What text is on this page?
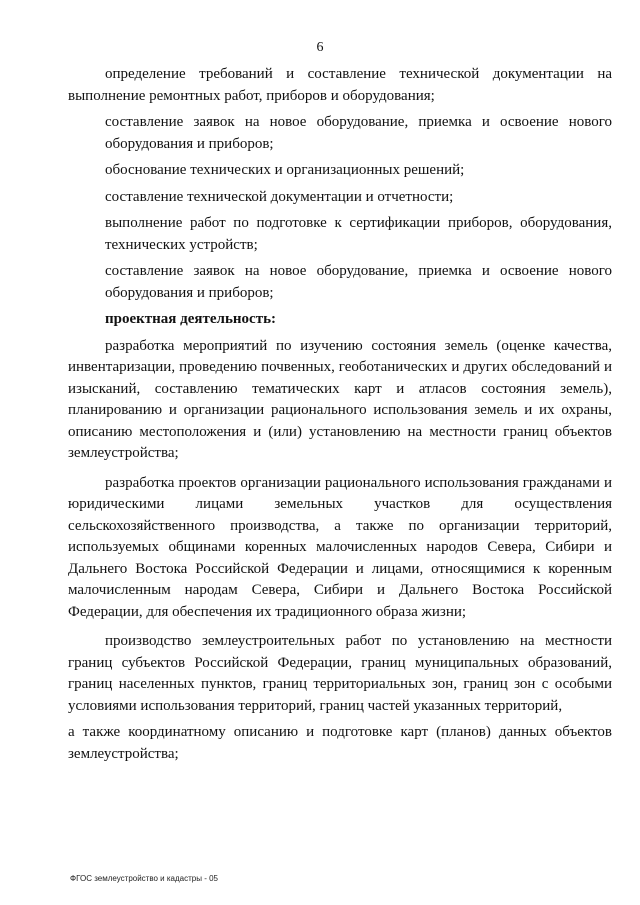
6

определение требований и составление технической документации на выполнение ремонтных работ, приборов и оборудования;

составление заявок на новое оборудование, приемка и освоение нового оборудования и приборов;

обоснование технических и организационных решений;

составление технической документации и отчетности;

выполнение работ по подготовке к сертификации приборов, оборудования, технических устройств;

составление заявок на новое оборудование, приемка и освоение нового оборудования и приборов;

проектная деятельность:

разработка мероприятий по изучению состояния земель (оценке качества, инвентаризации, проведению почвенных, геоботанических и других обследований и изысканий, составлению тематических карт и атласов состояния земель), планированию и организации рационального использования земель и их охраны, описанию местоположения и (или) установлению на местности границ объектов землеустройства;

разработка проектов организации рационального использования гражданами и юридическими лицами земельных участков для осуществления сельскохозяйственного производства, а также по организации территорий, используемых общинами коренных малочисленных народов Севера, Сибири и Дальнего Востока Российской Федерации и лицами, относящимися к коренным малочисленным народам Севера, Сибири и Дальнего Востока Российской Федерации, для обеспечения их традиционного образа жизни;

производство землеустроительных работ по установлению на местности границ субъектов Российской Федерации, границ муниципальных образований, границ населенных пунктов, границ территориальных зон, границ зон с особыми условиями использования территорий, границ частей указанных территорий,

а также координатному описанию и подготовке карт (планов) данных объектов землеустройства;

ФГОС землеустройство и кадастры - 05
